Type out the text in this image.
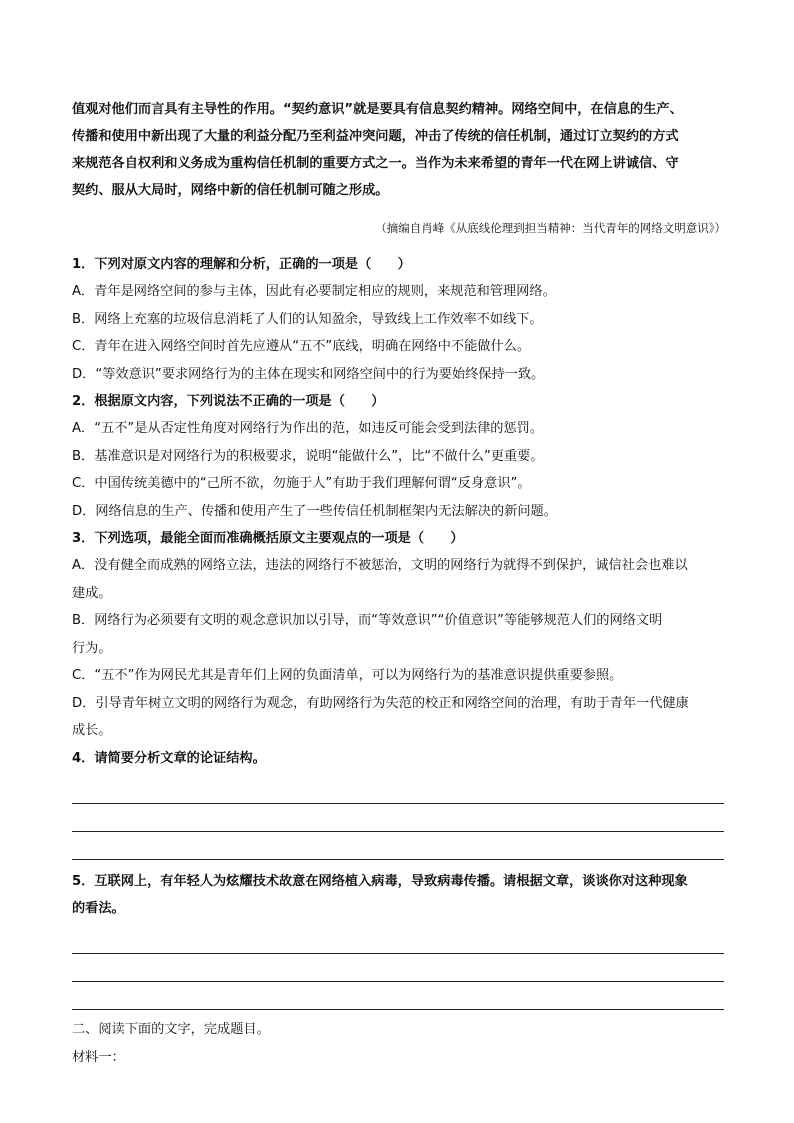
值观对他们而言具有主导性的作用。“契约意识”就是要具有信息契约精神。网络空间中，在信息的生产、

传播和使用中新出现了大量的利益分配乃至利益冲突问题，冲击了传统的信任机制，通过订立契约的方式

来规范各自权利和义务成为重构信任机制的重要方式之一。当作为未来希望的青年一代在网上讲诚信、守

契约、服从大局时，网络中新的信任机制可随之形成。

（摘编自肖峰《从底线伦理到担当精神：当代青年的网络文明意识》）

1．下列对原文内容的理解和分析，正确的一项是（　　）

A．青年是网络空间的参与主体，因此有必要制定相应的规则，来规范和管理网络。

B．网络上充塞的垃圾信息消耗了人们的认知盈余，导致线上工作效率不如线下。

C．青年在进入网络空间时首先应遵从“五不”底线，明确在网络中不能做什么。

D．“等效意识”要求网络行为的主体在现实和网络空间中的行为要始终保持一致。

2．根据原文内容，下列说法不正确的一项是（　　）

A．“五不”是从否定性角度对网络行为作出的范，如违反可能会受到法律的惩罚。

B．基准意识是对网络行为的积极要求，说明“能做什么”，比“不做什么”更重要。

C．中国传统美德中的“己所不欲，勿施于人”有助于我们理解何谓“反身意识”。

D．网络信息的生产、传播和使用产生了一些传信任机制框架内无法解决的新问题。

3．下列选项，最能全面而准确概括原文主要观点的一项是（　　）

A．没有健全而成熟的网络立法，违法的网络行不被惩治，文明的网络行为就得不到保护，诚信社会也难以

建成。

B．网络行为必须要有文明的观念意识加以引导，而“等效意识”“价值意识”等能够规范人们的网络文明

行为。

C．“五不”作为网民尤其是青年们上网的负面清单，可以为网络行为的基准意识提供重要参照。

D．引导青年树立文明的网络行为观念，有助网络行为失范的校正和网络空间的治理，有助于青年一代健康

成长。

4．请简要分析文章的论证结构。

5．互联网上，有年轻人为炫耀技术故意在网络植入病毒，导致病毒传播。请根据文章，谈谈你对这种现象

的看法。

二、阅读下面的文字，完成题目。

材料一：
